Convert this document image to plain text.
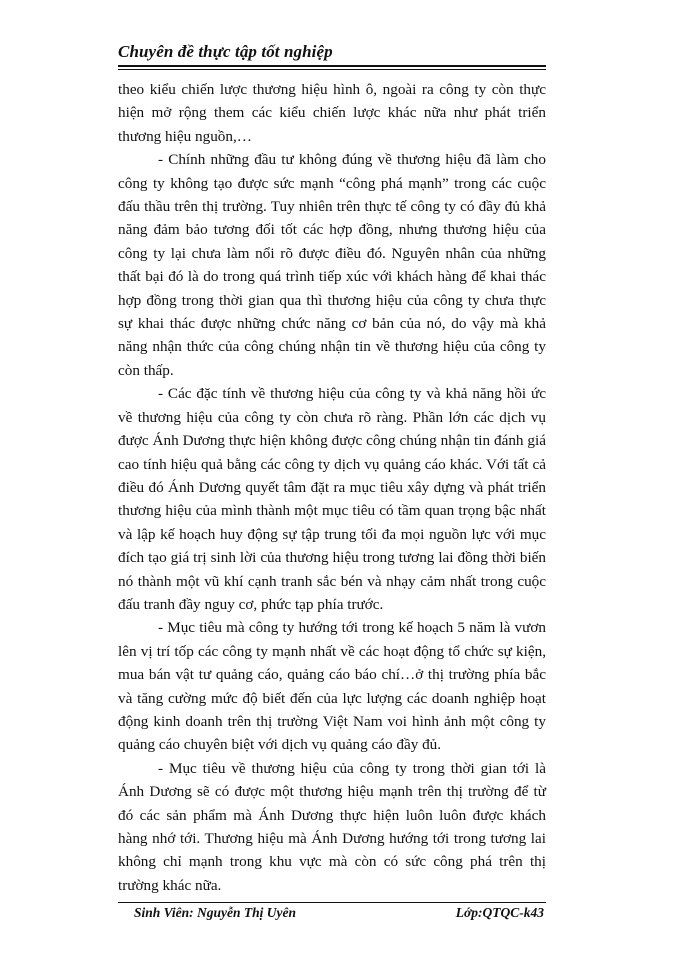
Chuyên đề thực tập tốt nghiệp

theo kiểu chiến lược thương hiệu hình ô, ngoài ra công ty còn thực hiện mở rộng them các kiểu chiến lược khác nữa như phát triển thương hiệu nguồn,…

- Chính những đầu tư không đúng về thương hiệu đã làm cho công ty không tạo được sức mạnh “công phá mạnh” trong các cuộc đấu thầu trên thị trường. Tuy nhiên trên thực tế công ty có đầy đủ khả năng đảm bảo tương đối tốt các hợp đồng, nhưng thương hiệu của công ty lại chưa làm nổi rõ được điều đó. Nguyên nhân của những thất bại đó là do trong quá trình tiếp xúc với khách hàng để khai thác hợp đồng trong thời gian qua thì thương hiệu của công ty chưa thực sự khai thác được những chức năng cơ bản của nó, do vậy mà khả năng nhận thức của công chúng nhận tin về thương hiệu của công ty còn thấp.

- Các đặc tính về thương hiệu của công ty và khả năng hồi ức về thương hiệu của công ty còn chưa rõ ràng. Phần lớn các dịch vụ được Ánh Dương thực hiện không được công chúng nhận tin đánh giá cao tính hiệu quả bằng các công ty dịch vụ quảng cáo khác. Với tất cả điều đó Ánh Dương quyết tâm đặt ra mục tiêu xây dựng và phát triển thương hiệu của mình thành một mục tiêu có tầm quan trọng bậc nhất và lập kế hoạch huy động sự tập trung tối đa mọi nguồn lực với mục đích tạo giá trị sinh lời của thương hiệu trong tương lai đồng thời biến nó thành một vũ khí cạnh tranh sắc bén và nhạy cảm nhất trong cuộc đấu tranh đầy nguy cơ, phức tạp phía trước.

- Mục tiêu mà công ty hướng tới trong kế hoạch 5 năm là vươn lên vị trí tốp các công ty mạnh nhất về các hoạt động tổ chức sự kiện, mua bán vật tư quảng cáo, quảng cáo báo chí…ở thị trường phía bắc và tăng cường mức độ biết đến của lực lượng các doanh nghiệp hoạt động kinh doanh trên thị trường Việt Nam voi hình ảnh một công ty quảng cáo chuyên biệt với dịch vụ quảng cáo đầy đủ.

- Mục tiêu về thương hiệu của công ty trong thời gian tới là Ánh Dương sẽ có được một thương hiệu mạnh trên thị trường để từ đó các sản phẩm mà Ánh Dương thực hiện luôn luôn được khách hàng nhớ tới. Thương hiệu mà Ánh Dương hướng tới trong tương lai không chỉ mạnh trong khu vực mà còn có sức công phá trên thị trường khác nữa.

Sinh Viên: Nguyễn Thị Uyên	Lớp:QTQC-k43
